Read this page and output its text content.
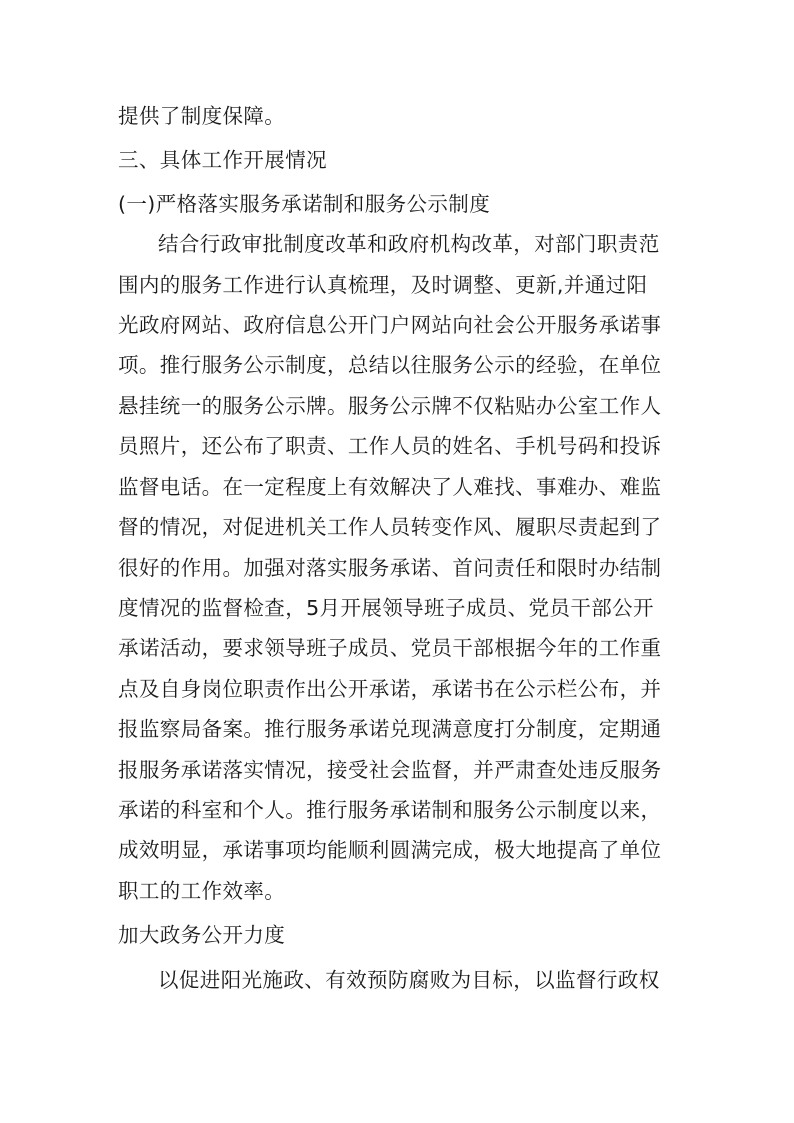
提供了制度保障。

三、具体工作开展情况

(一)严格落实服务承诺制和服务公示制度

结合行政审批制度改革和政府机构改革，对部门职责范

围内的服务工作进行认真梳理，及时调整、更新,并通过阳

光政府网站、政府信息公开门户网站向社会公开服务承诺事

项。推行服务公示制度，总结以往服务公示的经验，在单位

悬挂统一的服务公示牌。服务公示牌不仅粘贴办公室工作人

员照片，还公布了职责、工作人员的姓名、手机号码和投诉

监督电话。在一定程度上有效解决了人难找、事难办、难监

督的情况，对促进机关工作人员转变作风、履职尽责起到了

很好的作用。加强对落实服务承诺、首问责任和限时办结制

度情况的监督检查，5月开展领导班子成员、党员干部公开

承诺活动，要求领导班子成员、党员干部根据今年的工作重

点及自身岗位职责作出公开承诺，承诺书在公示栏公布，并

报监察局备案。推行服务承诺兑现满意度打分制度，定期通

报服务承诺落实情况，接受社会监督，并严肃查处违反服务

承诺的科室和个人。推行服务承诺制和服务公示制度以来，

成效明显，承诺事项均能顺利圆满完成，极大地提高了单位

职工的工作效率。

加大政务公开力度

以促进阳光施政、有效预防腐败为目标，以监督行政权
